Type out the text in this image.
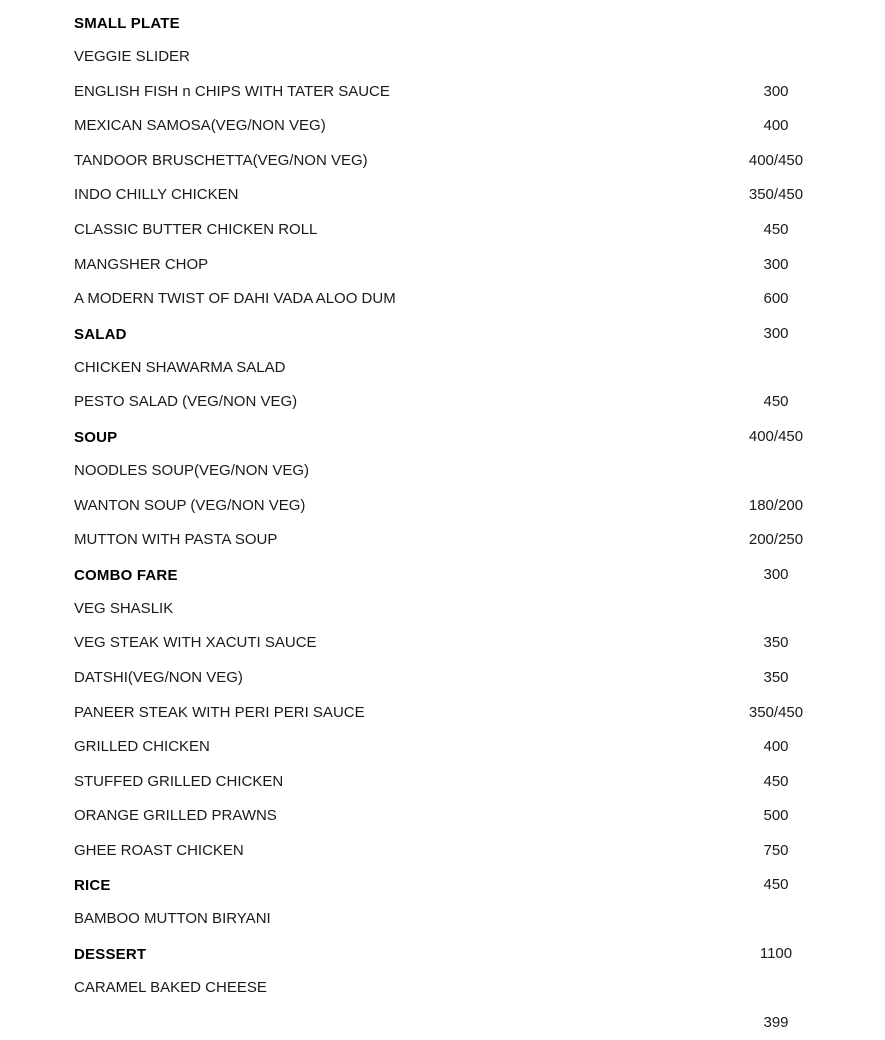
SMALL PLATE
VEGGIE SLIDER
300
ENGLISH FISH n CHIPS WITH TATER SAUCE
400
MEXICAN SAMOSA(VEG/NON VEG)
400/450
TANDOOR BRUSCHETTA(VEG/NON VEG)
350/450
INDO CHILLY CHICKEN
450
CLASSIC BUTTER CHICKEN ROLL
300
MANGSHER CHOP
600
A MODERN TWIST OF DAHI VADA ALOO DUM
300
SALAD
CHICKEN SHAWARMA SALAD
450
PESTO SALAD (VEG/NON VEG)
400/450
SOUP
NOODLES SOUP(VEG/NON VEG)
180/200
WANTON SOUP (VEG/NON VEG)
200/250
MUTTON WITH PASTA SOUP
300
COMBO FARE
VEG SHASLIK
350
VEG STEAK WITH XACUTI SAUCE
350
DATSHI(VEG/NON VEG)
350/450
PANEER STEAK WITH PERI PERI SAUCE
400
GRILLED CHICKEN
450
STUFFED GRILLED CHICKEN
500
ORANGE GRILLED PRAWNS
750
GHEE ROAST CHICKEN
450
RICE
BAMBOO MUTTON BIRYANI
1100
DESSERT
CARAMEL BAKED CHEESE
399
